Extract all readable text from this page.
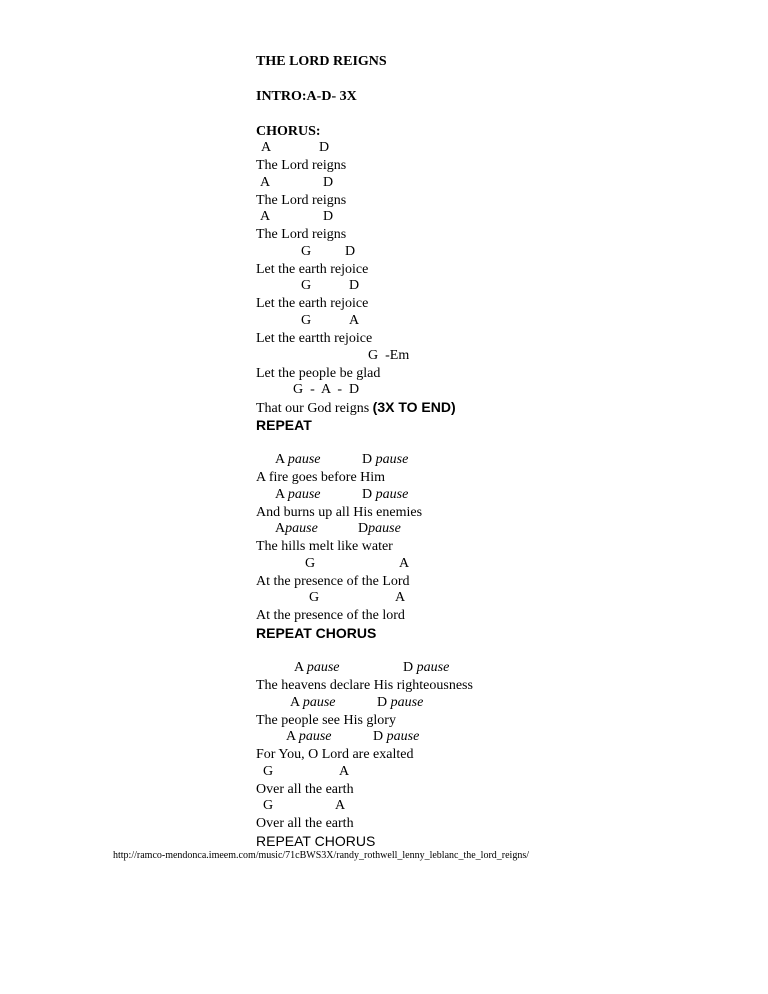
THE LORD REIGNS
INTRO:A-D- 3X
CHORUS:
A	D
The Lord reigns
A	D
The Lord reigns
A	D
The Lord reigns
G D
Let the earth rejoice
G	D
Let the earth rejoice
G	A
Let the eartth rejoice
G  -Em
Let the people be glad
G  -  A  -  D
That our God reigns (3X TO END)
REPEAT
A pause	D pause
A fire goes before Him
A pause	D pause
And burns up all His enemies
Apause	Dpause
The hills melt like water
G	A
At the presence of the Lord
G	A
At the presence of the lord
REPEAT CHORUS
A pause	D pause
The heavens declare His righteousness
A pause	D pause
The people see His glory
A pause	D pause
For You, O Lord are exalted
G	A
Over all the earth
G	A
Over all the earth
REPEAT CHORUS
http://ramco-mendonca.imeem.com/music/71cBWS3X/randy_rothwell_lenny_leblanc_the_lord_reigns/
